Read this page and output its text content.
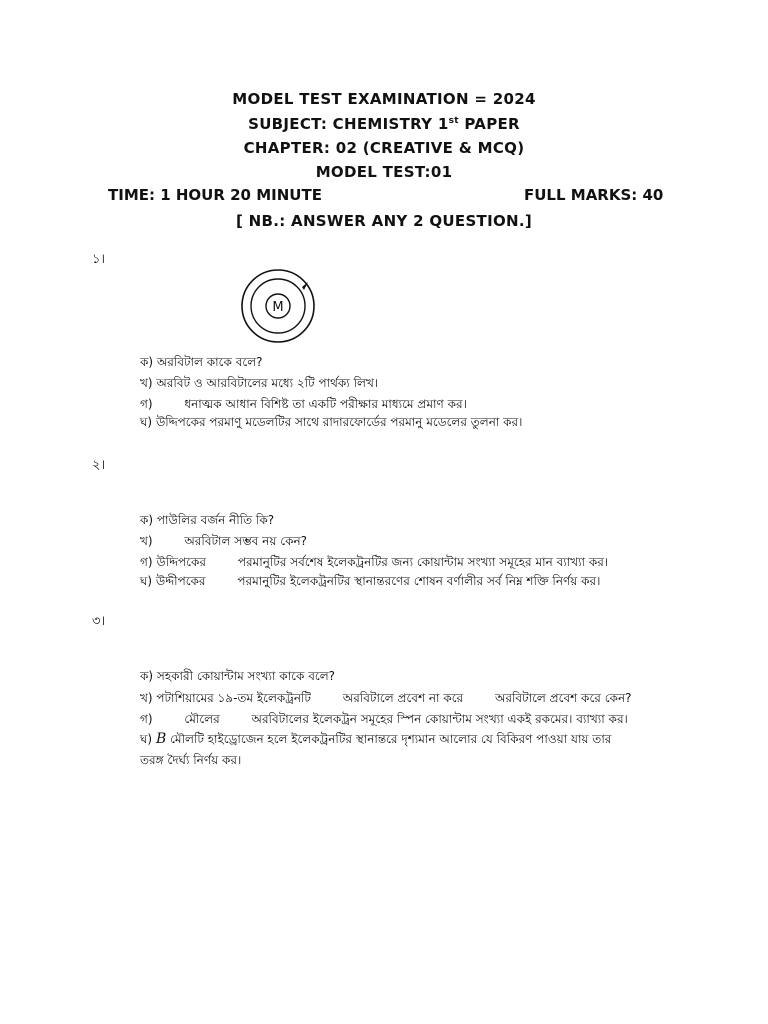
MODEL TEST EXAMINATION = 2024
SUBJECT: CHEMISTRY 1st PAPER
CHAPTER: 02 (CREATIVE & MCQ)
MODEL TEST:01
TIME: 1 HOUR 20 MINUTE	FULL MARKS: 40
[ NB.: ANSWER ANY 2 QUESTION.]
১।
M
ক) অরবিটাল কাকে বলে?
খ) অরবিট ও আরবিটালের মধ্যে ২টি পার্থক্য লিখ।
গ)	ধনাত্মক আধান বিশিষ্ট তা একটি পরীক্ষার মাধ্যমে প্রমাণ কর।
ঘ) উদ্দিপকের পরমাণু মডেলটির সাথে রাদারফোর্ডের পরমানু মডেলের তুলনা কর।
২।
ক) পাউলির বর্জন নীতি কি?
খ)	অরবিটাল সম্ভব নয় কেন?
গ) উদ্দিপকের	পরমানুটির সর্বশেষ ইলেকট্রনটির জন্য কোয়ান্টাম সংখ্যা সমূহের মান ব্যাখ্যা কর।
ঘ) উদ্দীপকের	পরমানুটির ইলেকট্রনটির স্থানান্তরণের শোষন বর্ণালীর সর্ব নিম্ন শক্তি নির্ণয় কর।
৩।
ক) সহকারী কোয়ান্টাম সংখ্যা কাকে বলে?
খ) পটাশিয়ামের ১৯-তম ইলেকট্রনটি	অরবিটালে প্রবেশ না করে	অরবিটালে প্রবেশ করে কেন?
গ)	মৌলের	অরবিটালের ইলেকট্রন সমূহের স্পিন কোয়ান্টাম সংখ্যা একই রকমের। ব্যাখ্যা কর।
ঘ) B মৌলটি হাইড্রোজেন হলে ইলেকট্রনটির স্থানান্তরে দৃশ্যমান আলোর যে বিকিরণ পাওয়া যায় তার
তরঙ্গ দৈর্ঘ্য নির্ণয় কর।
